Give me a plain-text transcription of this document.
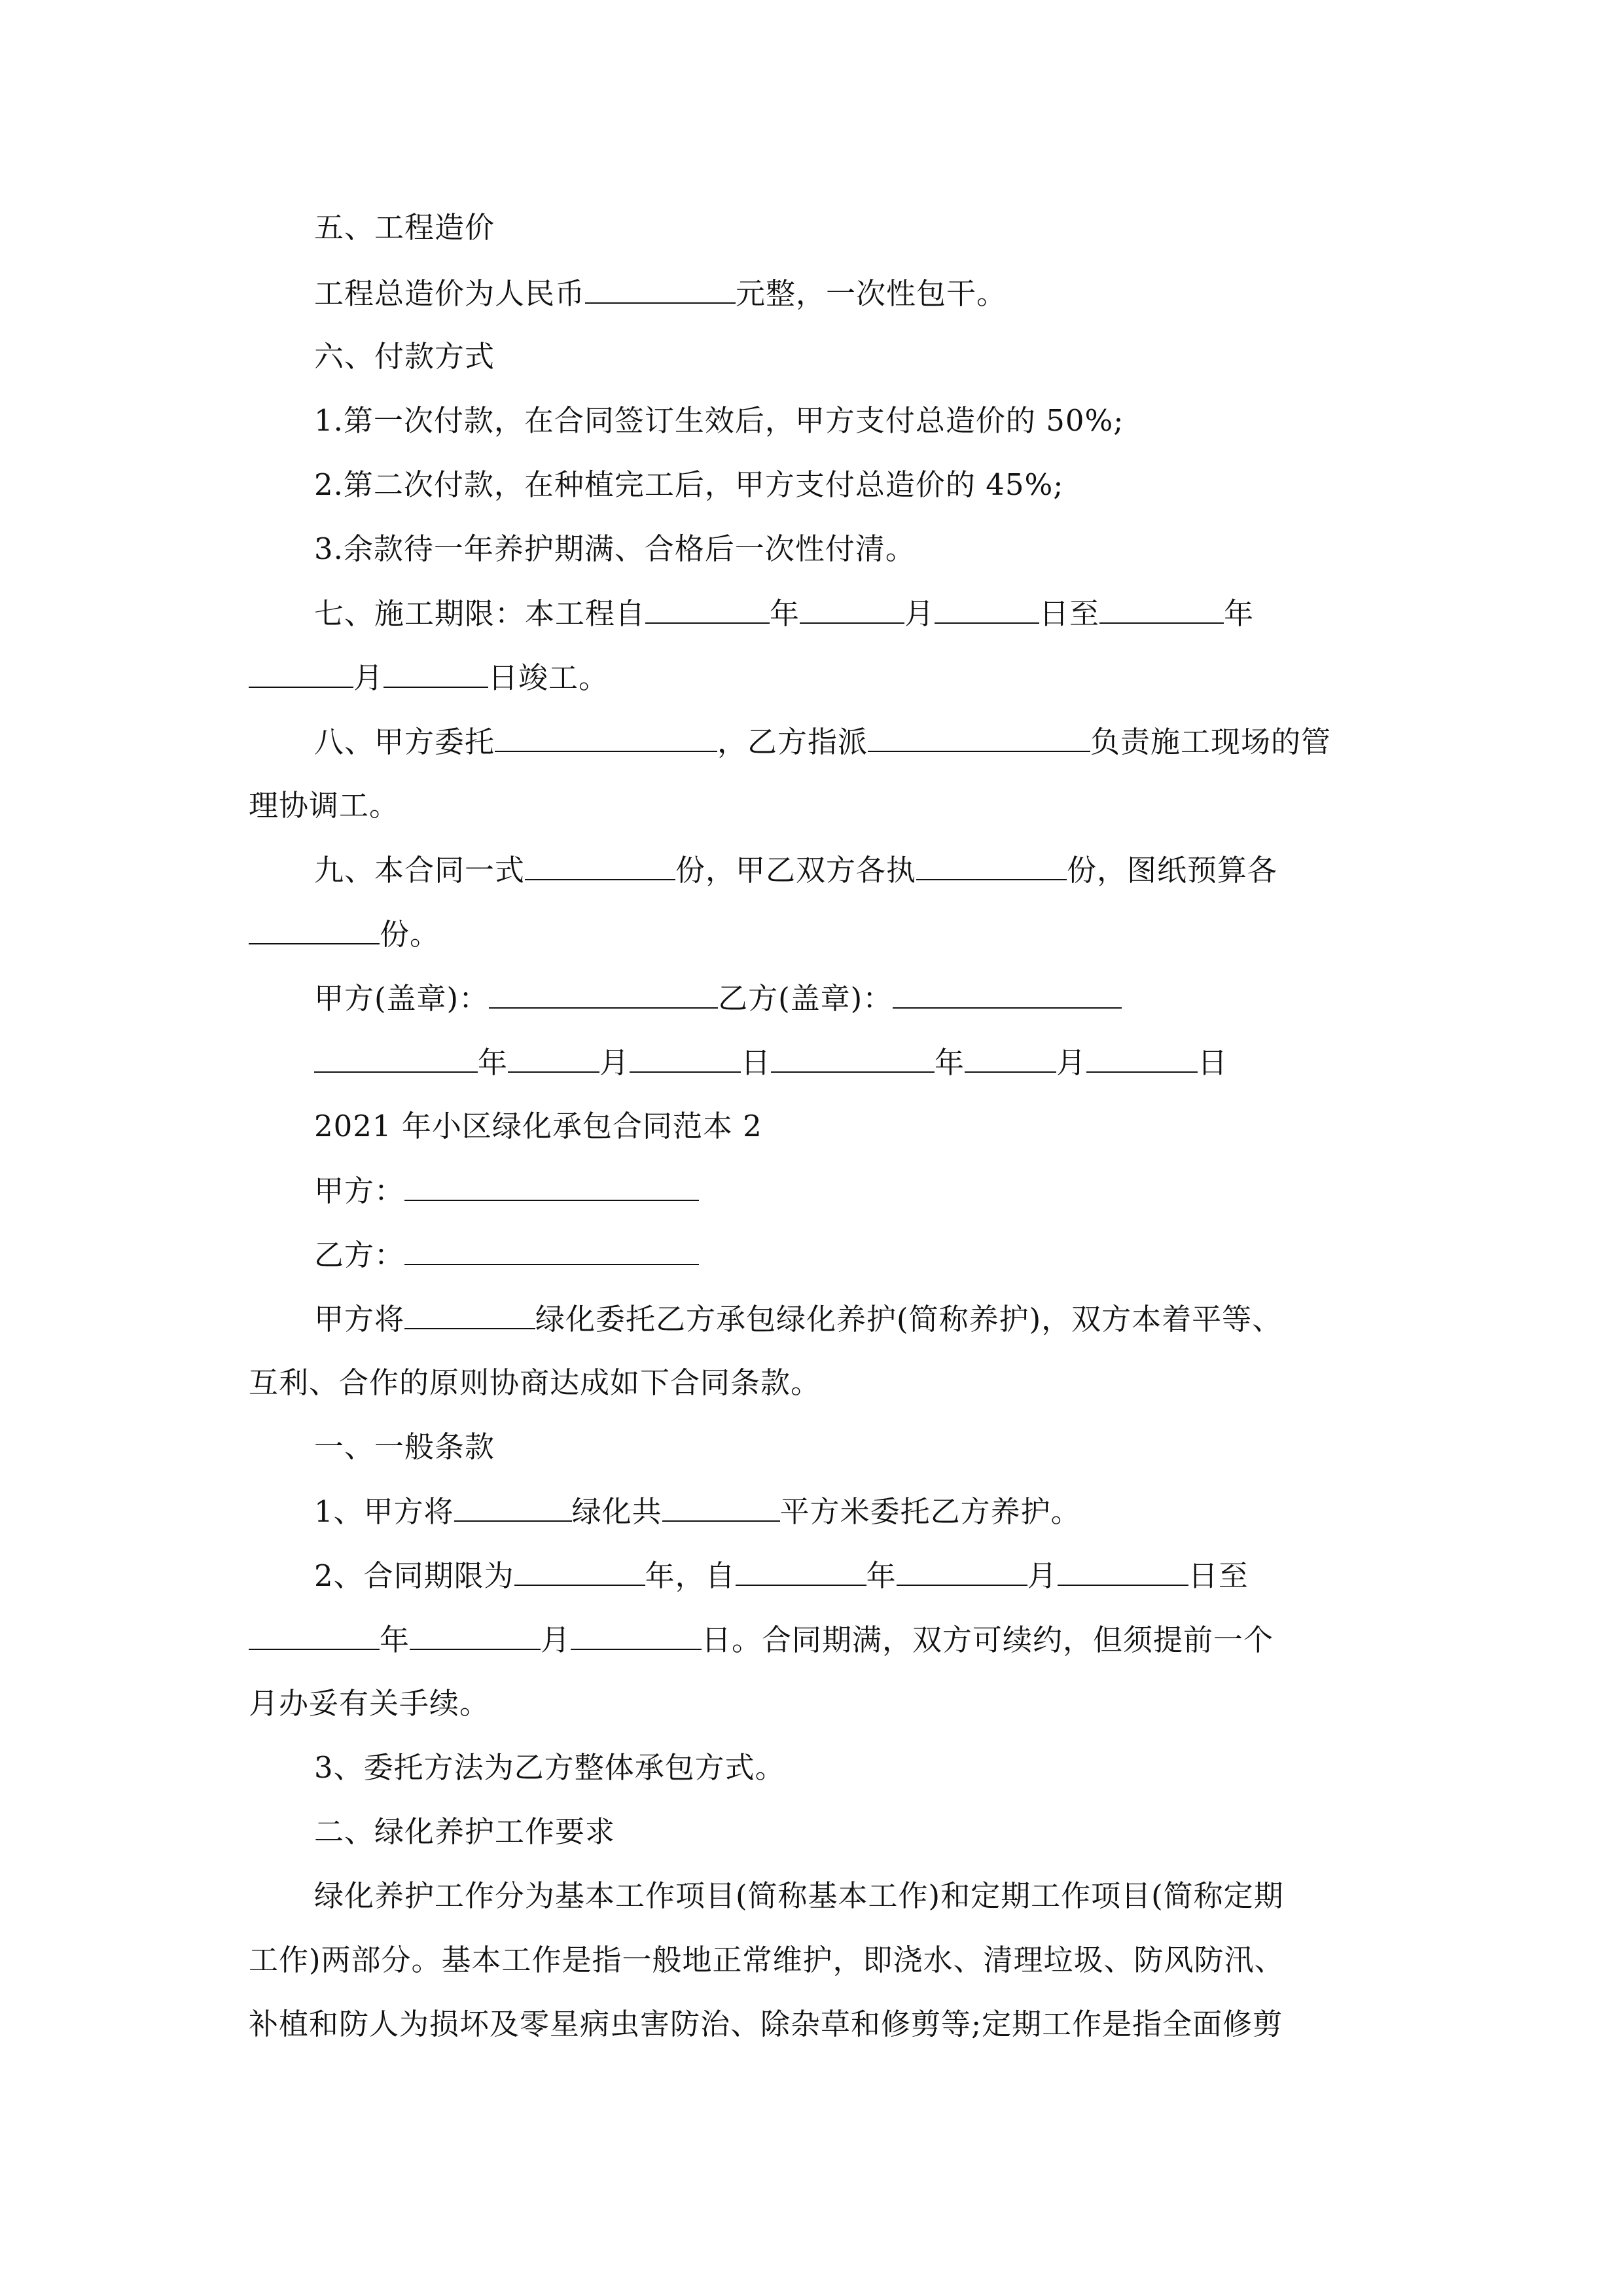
五、工程造价
工程总造价为人民币	元整，一次性包干。
六、付款方式
1.第一次付款，在合同签订生效后，甲方支付总造价的 50%;
2.第二次付款，在种植完工后，甲方支付总造价的 45%;
3.余款待一年养护期满、合格后一次性付清。
七、施工期限：本工程自	年	月	日至	年
月	日竣工。
八、甲方委托	，乙方指派	负责施工现场的管
理协调工。
九、本合同一式	份，甲乙双方各执	份，图纸预算各
份。
甲方(盖章)：	乙方(盖章)：
年	月	日	年	月	日
2021 年小区绿化承包合同范本 2
甲方：
乙方：
甲方将	绿化委托乙方承包绿化养护(简称养护)，双方本着平等、
互利、合作的原则协商达成如下合同条款。
一、一般条款
1、甲方将	绿化共	平方米委托乙方养护。
2、合同期限为	年，自	年	月	日至
年	月	日。合同期满，双方可续约，但须提前一个
月办妥有关手续。
3、委托方法为乙方整体承包方式。
二、绿化养护工作要求
绿化养护工作分为基本工作项目(简称基本工作)和定期工作项目(简称定期
工作)两部分。基本工作是指一般地正常维护，即浇水、清理垃圾、防风防汛、
补植和防人为损坏及零星病虫害防治、除杂草和修剪等;定期工作是指全面修剪
